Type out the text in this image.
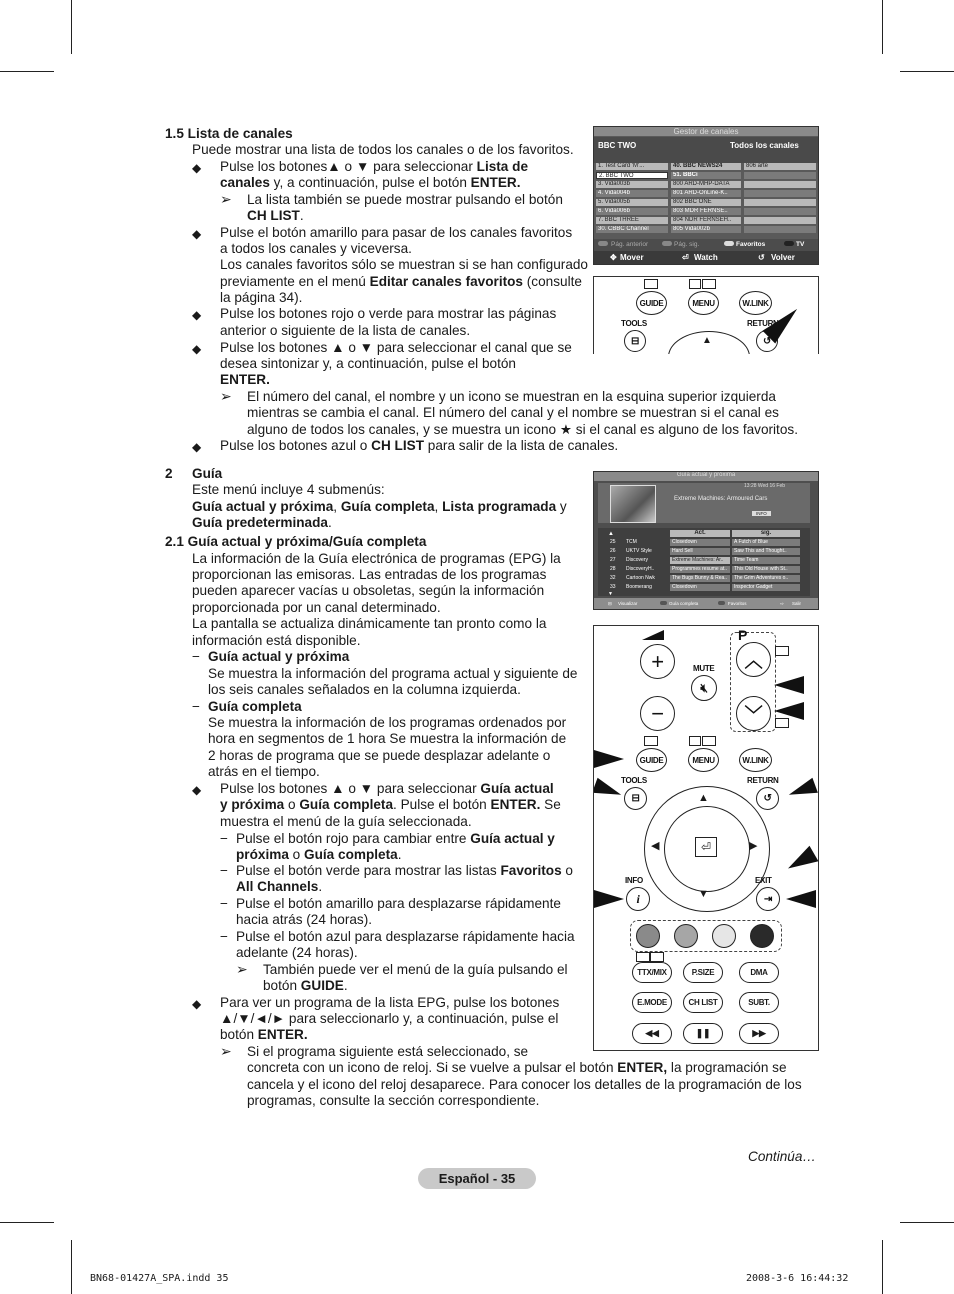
1.5 Lista de canales
Puede mostrar una lista de todos los canales o de los favoritos.
◆ Pulse los botones▲ o ▼ para seleccionar Lista de
canales y, a continuación, pulse el botón ENTER.
➢ La lista también se puede mostrar pulsando el botón
CH LIST.
◆ Pulse el botón amarillo para pasar de los canales favoritos
a todos los canales y viceversa.
Los canales favoritos sólo se muestran si se han configurado
previamente en el menú Editar canales favoritos (consulte
la página 34).
◆ Pulse los botones rojo o verde para mostrar las páginas
anterior o siguiente de la lista de canales.
◆ Pulse los botones ▲ o ▼ para seleccionar el canal que se
desea sintonizar y, a continuación, pulse el botón
ENTER.
➢ El número del canal, el nombre y un icono se muestran en la esquina superior izquierda
mientras se cambia el canal. El número del canal y el nombre se muestran si el canal es
alguno de todos los canales, y se muestra un icono ★ si el canal es alguno de los favoritos.
◆ Pulse los botones azul o CH LIST para salir de la lista de canales.
Gestor de canales
BBC TWO	Todos los canales
1. Test Card 'M'...
2. BBC TWO
3. Vida003b
4. Vida004b
5. Vida005b
6. Vida006b
7. BBC THREE
30. CBBC Channel
40. BBC NEWS24
51. BBCi
800 ARD-MHP-DATA
801 ARD-OnLine-K..
802 BBC ONE
803 MDR FERNSE..
804 NDR FERNSEH..
805 Vida002b
806 arte
Pág. anterior	Pág. sig.	Favoritos	TV
✥ Mover	⏎ Watch	↺ Volver
GUIDE	MENU	W.LINK
TOOLS	RETURN
⊟	↺
▲
2 Guía
Este menú incluye 4 submenús:
Guía actual y próxima, Guía completa, Lista programada y
Guía predeterminada.
2.1 Guía actual y próxima/Guía completa
La información de la Guía electrónica de programas (EPG) la
proporcionan las emisoras. Las entradas de los programas
pueden aparecer vacías u obsoletas, según la información
proporcionada por un canal determinado.
La pantalla se actualiza dinámicamente tan pronto como la
información está disponible.
− Guía actual y próxima
Se muestra la información del programa actual y siguiente de
los seis canales señalados en la columna izquierda.
− Guía completa
Se muestra la información de los programas ordenados por
hora en segmentos de 1 hora Se muestra la información de
2 horas de programa que se puede desplazar adelante o
atrás en el tiempo.
◆ Pulse los botones ▲ o ▼ para seleccionar Guía actual
y próxima o Guía completa. Pulse el botón ENTER. Se
muestra el menú de la guía seleccionada.
− Pulse el botón rojo para cambiar entre Guía actual y
próxima o Guía completa.
− Pulse el botón verde para mostrar las listas Favoritos o
All Channels.
− Pulse el botón amarillo para desplazarse rápidamente
hacia atrás (24 horas).
− Pulse el botón azul para desplazarse rápidamente hacia
adelante (24 horas).
➢ También puede ver el menú de la guía pulsando el
botón GUIDE.
◆ Para ver un programa de la lista EPG, pulse los botones
▲/▼/◄/► para seleccionarlo y, a continuación, pulse el
botón ENTER.
➢ Si el programa siguiente está seleccionado, se
concreta con un icono de reloj. Si se vuelve a pulsar el botón ENTER, la programación se
cancela y el icono del reloj desaparece. Para conocer los detalles de la programación de los
programas, consulte la sección correspondiente.
Guía actual y próxima
13:28 Wed 16 Feb
Extreme Machines: Armoured Cars
INFO
▲	Act.	sig.
25	TCM	Closedown	A Futch of Blue
26	UKTV Style	Hard Sell	Saw This and Thought..
27	Discovery	Extreme Machines: Ar..	Time Team
28	DiscoveryH..	Programmes resume at..	This Old House with St..
32	Cartoon Nwk	The Bugs Bunny & Rea..	The Grim Adventures o..
33	Boomerang	Closedown	Inspector Gadget
▼
⊟ Visualizar	Guía completa	Favoritos	⇨ Salir
+
−
MUTE
🔇︎
P
︿
﹀
GUIDE	MENU	W.LINK
TOOLS	RETURN
⊟	↺
▲
▼
◀	▶
⏎
INFO	EXIT
i	⇥
TTX/MIX	P.SIZE	DMA
E.MODE	CH LIST	SUBT.
◀◀	❚❚	▶▶
Continúa…
Español - 35
BN68-01427A_SPA.indd 35	2008-3-6 16:44:32
